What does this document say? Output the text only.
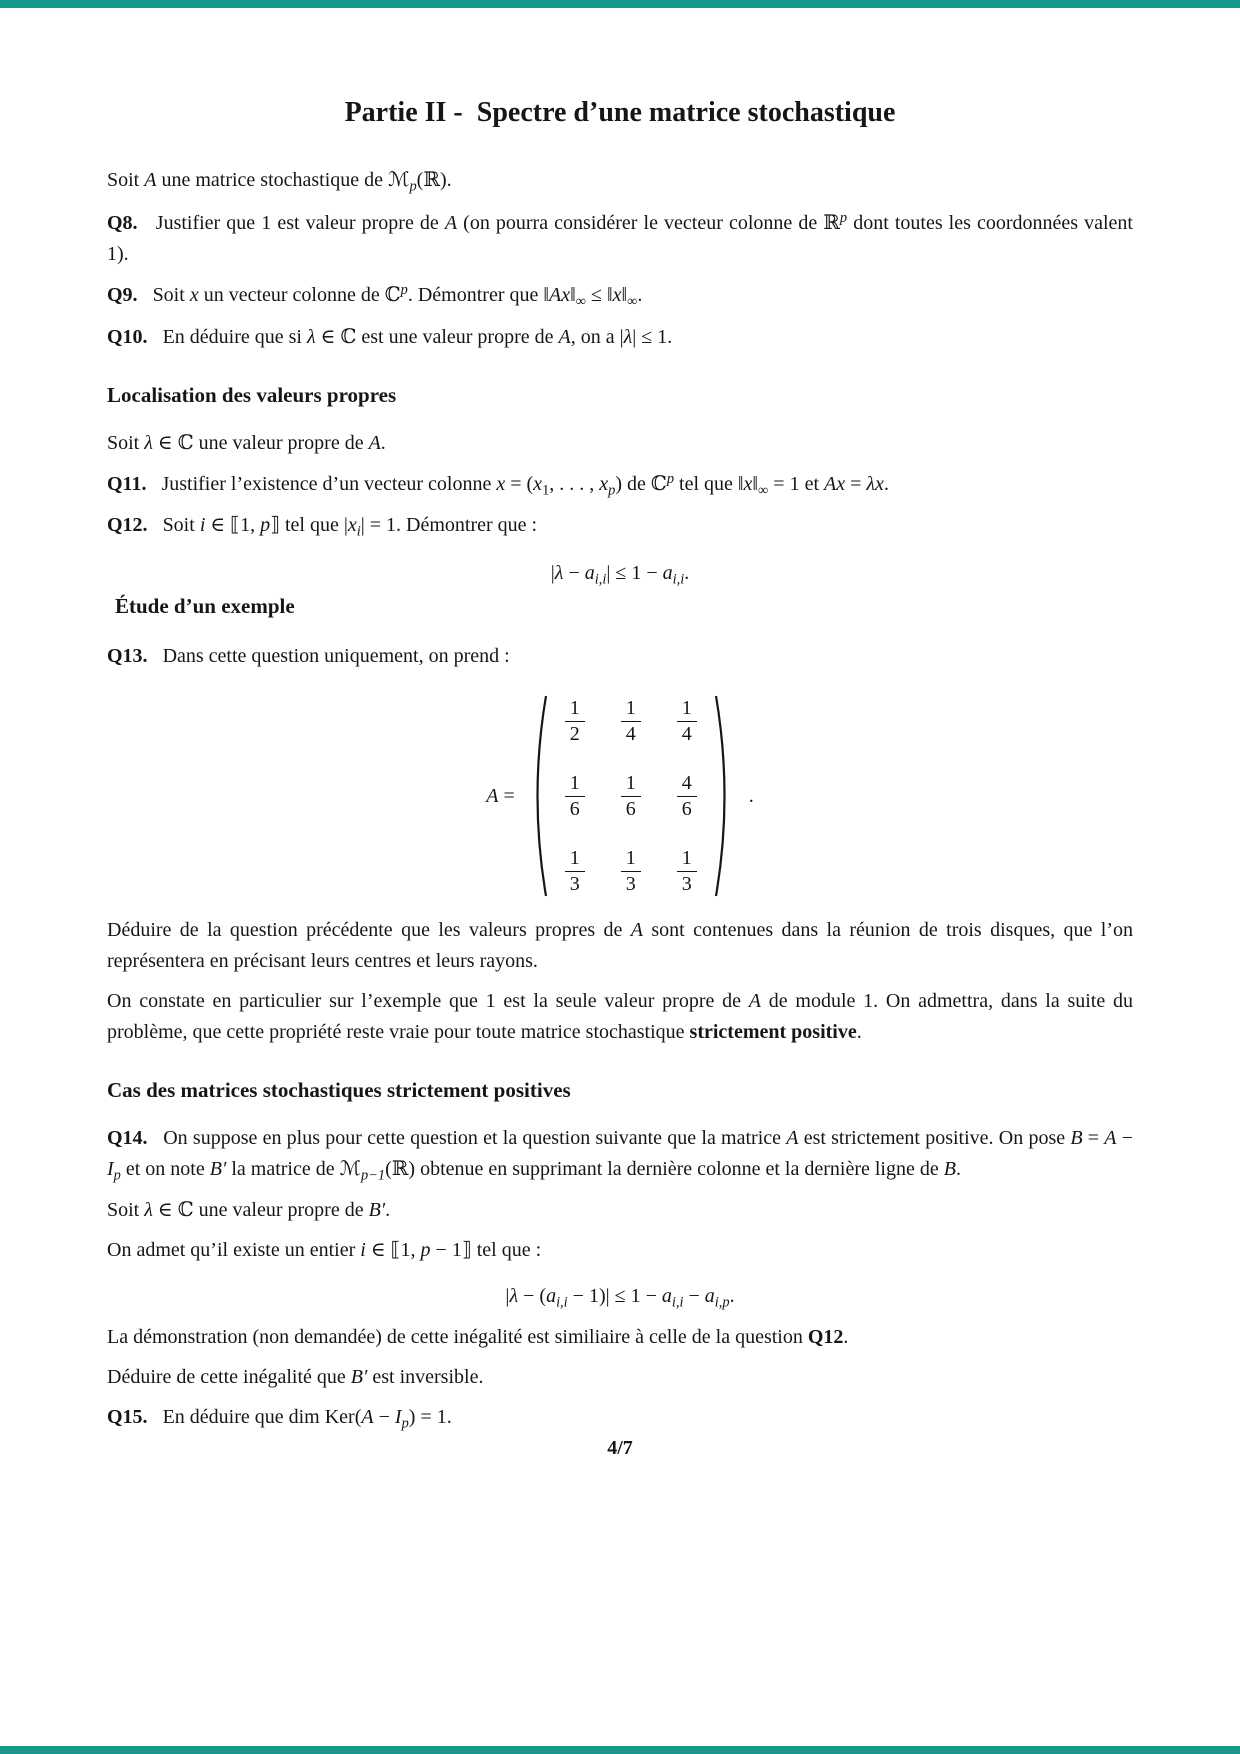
Partie II -  Spectre d’une matrice stochastique

Soit A une matrice stochastique de ℳ$_p$(ℝ).

Q8.   Justifier que 1 est valeur propre de A (on pourra considérer le vecteur colonne de ℝ$^p$ dont toutes les coordonnées valent 1).

Q9.   Soit x un vecteur colonne de ℂ$^p$. Démontrer que $‖Ax‖_\infty$ ≤ $‖x‖_\infty$.

Q10.   En déduire que si λ ∈ ℂ est une valeur propre de A, on a |λ| ≤ 1.

Localisation des valeurs propres

Soit λ ∈ ℂ une valeur propre de A.

Q11.   Justifier l’existence d’un vecteur colonne $x = (x_1$, . . . , $x_p$) de ℂ$^p$ tel que $‖x‖_\infty = 1$ et Ax = λx.

Q12.   Soit i ∈ ⟦1, p⟧ tel que $|x_i| = 1$. Démontrer que :

$|\lambda - a_{i,i}| \le 1 - a_{i,i}$.
Étude d’un exemple

Q13.   Dans cette question uniquement, on prend :

A =
$\frac{1}{2} \frac{1}{4} \frac{1}{4}$
$\frac{1}{6} \frac{1}{6} \frac{4}{6}$
$\frac{1}{3} \frac{1}{3} \frac{1}{3}$
.

Déduire de la question précédente que les valeurs propres de A sont contenues dans la réunion de trois disques, que l’on représentera en précisant leurs centres et leurs rayons.

On constate en particulier sur l’exemple que 1 est la seule valeur propre de A de module 1. On admettra, dans la suite du problème, que cette propriété reste vraie pour toute matrice stochastique strictement positive.

Cas des matrices stochastiques strictement positives

Q14.   On suppose en plus pour cette question et la question suivante que la matrice A est strictement positive. On pose $B = A - I_p$ et on note B′ la matrice de ℳ$_{p-1}$(ℝ) obtenue en supprimant la dernière colonne et la dernière ligne de B.

Soit λ ∈ ℂ une valeur propre de B′.

On admet qu’il existe un entier i ∈ ⟦1, p − 1⟧ tel que :

$|\lambda - (a_{i,i} - 1)| \le 1 - a_{i,i} - a_{i,p}$.

La démonstration (non demandée) de cette inégalité est similiaire à celle de la question Q12.

Déduire de cette inégalité que B′ est inversible.

Q15.   En déduire que dim $Ker(A - I_p) = 1$.

4/7
